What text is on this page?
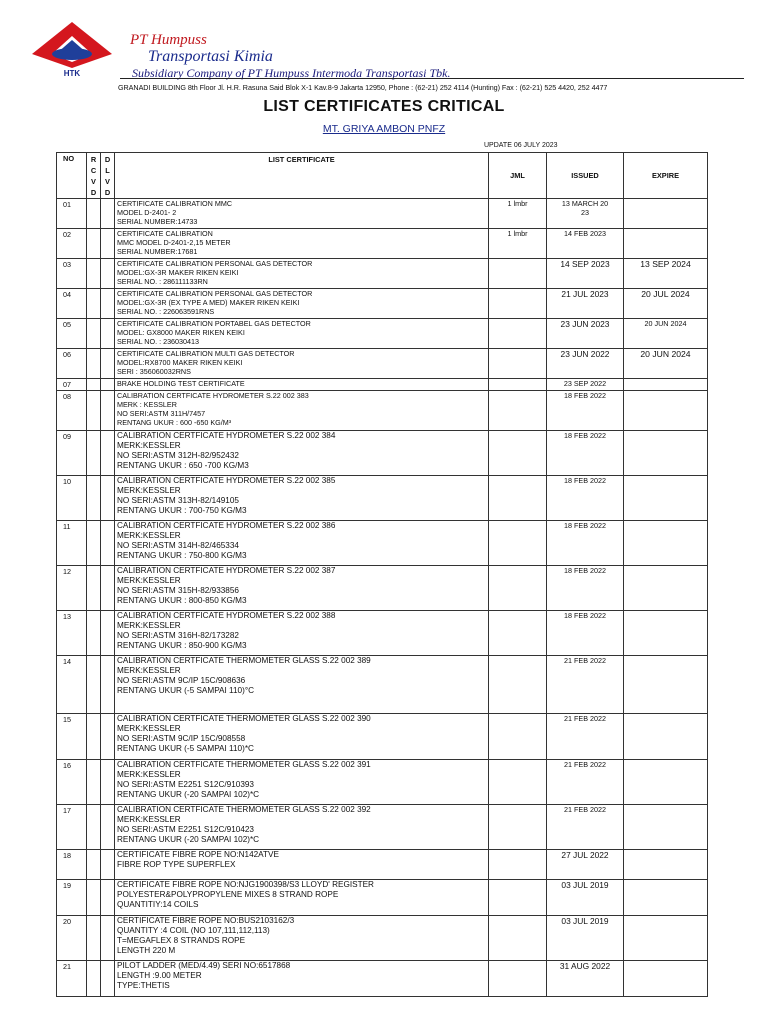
HTK
PT Humpuss
Transportasi Kimia
Subsidiary Company of PT Humpuss Intermoda Transportasi Tbk.
GRANADI BUILDING 8th Floor Jl. H.R. Rasuna Said Blok X-1 Kav.8-9 Jakarta 12950, Phone : (62-21) 252 4114 (Hunting) Fax : (62-21) 525 4420, 252 4477
LIST CERTIFICATES CRITICAL
MT. GRIYA AMBON PNFZ
UPDATE 06 JULY 2023
NO	R
C
V
D	D
L
V
D	LIST CERTIFICATE	JML	ISSUED	EXPIRE
01			CERTIFICATE CALIBRATION MMC
MODEL D-2401- 2
SERIAL NUMBER:14733	1 lmbr	13 MARCH 20
23	
02			CERTIFICATE CALIBRATION
MMC MODEL D-2401-2,15 METER
SERIAL NUMBER:17681	1 lmbr	14 FEB 2023	
03			CERTIFICATE CALIBRATION PERSONAL GAS DETECTOR
MODEL:GX-3R MAKER RIKEN KEIKI
SERIAL NO. : 286111133RN		14 SEP 2023	13 SEP 2024
04			CERTIFICATE CALIBRATION PERSONAL GAS DETECTOR
MODEL:GX-3R (EX TYPE A MED) MAKER RIKEN KEIKI
SERIAL NO. : 226063591RNS		21 JUL 2023	20 JUL 2024
05			CERTIFICATE CALIBRATION PORTABEL GAS DETECTOR
MODEL: GX8000 MAKER RIKEN KEIKI
SERIAL NO. : 236030413		23 JUN 2023	20 JUN 2024
06			CERTIFICATE CALIBRATION MULTI GAS DETECTOR
MODEL:RX8700 MAKER RIKEN KEIKI
SERI : 356060032RNS		23 JUN 2022	20 JUN 2024
07			BRAKE HOLDING TEST CERTIFICATE		23 SEP 2022	
08			CALIBRATION CERTFICATE HYDROMETER S.22 002 383
MERK : KESSLER
NO SERI:ASTM 311H/7457
RENTANG UKUR : 600 -650 KG/M³		18 FEB 2022	
09			CALIBRATION CERTFICATE HYDROMETER S.22 002 384
MERK:KESSLER
NO SERI:ASTM 312H-82/952432
RENTANG UKUR : 650 -700 KG/M3		18 FEB 2022	
10			CALIBRATION CERTFICATE HYDROMETER S.22 002 385
MERK:KESSLER
NO SERI:ASTM 313H-82/149105
RENTANG UKUR : 700-750 KG/M3		18 FEB 2022	
11			CALIBRATION CERTFICATE HYDROMETER S.22 002 386
MERK:KESSLER
NO SERI:ASTM 314H-82/465334
RENTANG UKUR : 750-800 KG/M3		18 FEB 2022	
12			CALIBRATION CERTFICATE HYDROMETER S.22 002 387
MERK:KESSLER
NO SERI:ASTM 315H-82/933856
RENTANG UKUR : 800-850 KG/M3		18 FEB 2022	
13			CALIBRATION CERTFICATE HYDROMETER S.22 002 388
MERK:KESSLER
NO SERI:ASTM 316H-82/173282
RENTANG UKUR : 850-900 KG/M3		18 FEB 2022	
14			CALIBRATION CERTFICATE THERMOMETER GLASS S.22 002 389
MERK:KESSLER
NO SERI:ASTM 9C/IP 15C/908636
RENTANG UKUR (-5 SAMPAI 110)°C		21 FEB 2022	
15			CALIBRATION CERTFICATE THERMOMETER GLASS S.22 002 390
MERK:KESSLER
NO SERI:ASTM 9C/IP 15C/908558
RENTANG UKUR (-5 SAMPAI 110)*C		21 FEB 2022	
16			CALIBRATION CERTFICATE THERMOMETER GLASS S.22 002 391
MERK:KESSLER
NO SERI:ASTM E2251 S12C/910393
RENTANG UKUR (-20 SAMPAI 102)*C		21 FEB 2022	
17			CALIBRATION CERTFICATE THERMOMETER GLASS S.22 002 392
MERK:KESSLER
NO SERI:ASTM E2251 S12C/910423
RENTANG UKUR (-20 SAMPAI 102)*C		21 FEB 2022	
18			CERTIFICATE FIBRE ROPE NO:N142ATVE
FIBRE ROP TYPE SUPERFLEX		27 JUL 2022	
19			CERTIFICATE FIBRE ROPE NO:NJG1900398/S3 LLOYD' REGISTER
POLYESTER&POLYPROPYLENE MIXES 8 STRAND ROPE
QUANTITIY:14 COILS		03 JUL 2019	
20			CERTIFICATE FIBRE ROPE NO:BUS2103162/3
QUANTITY :4 COIL (NO 107,111,112,113)
T=MEGAFLEX 8 STRANDS ROPE
LENGTH 220 M		03 JUL 2019	
21			PILOT LADDER (MED/4.49) SERI NO:6517868
LENGTH :9.00 METER
TYPE:THETIS		31 AUG 2022	
